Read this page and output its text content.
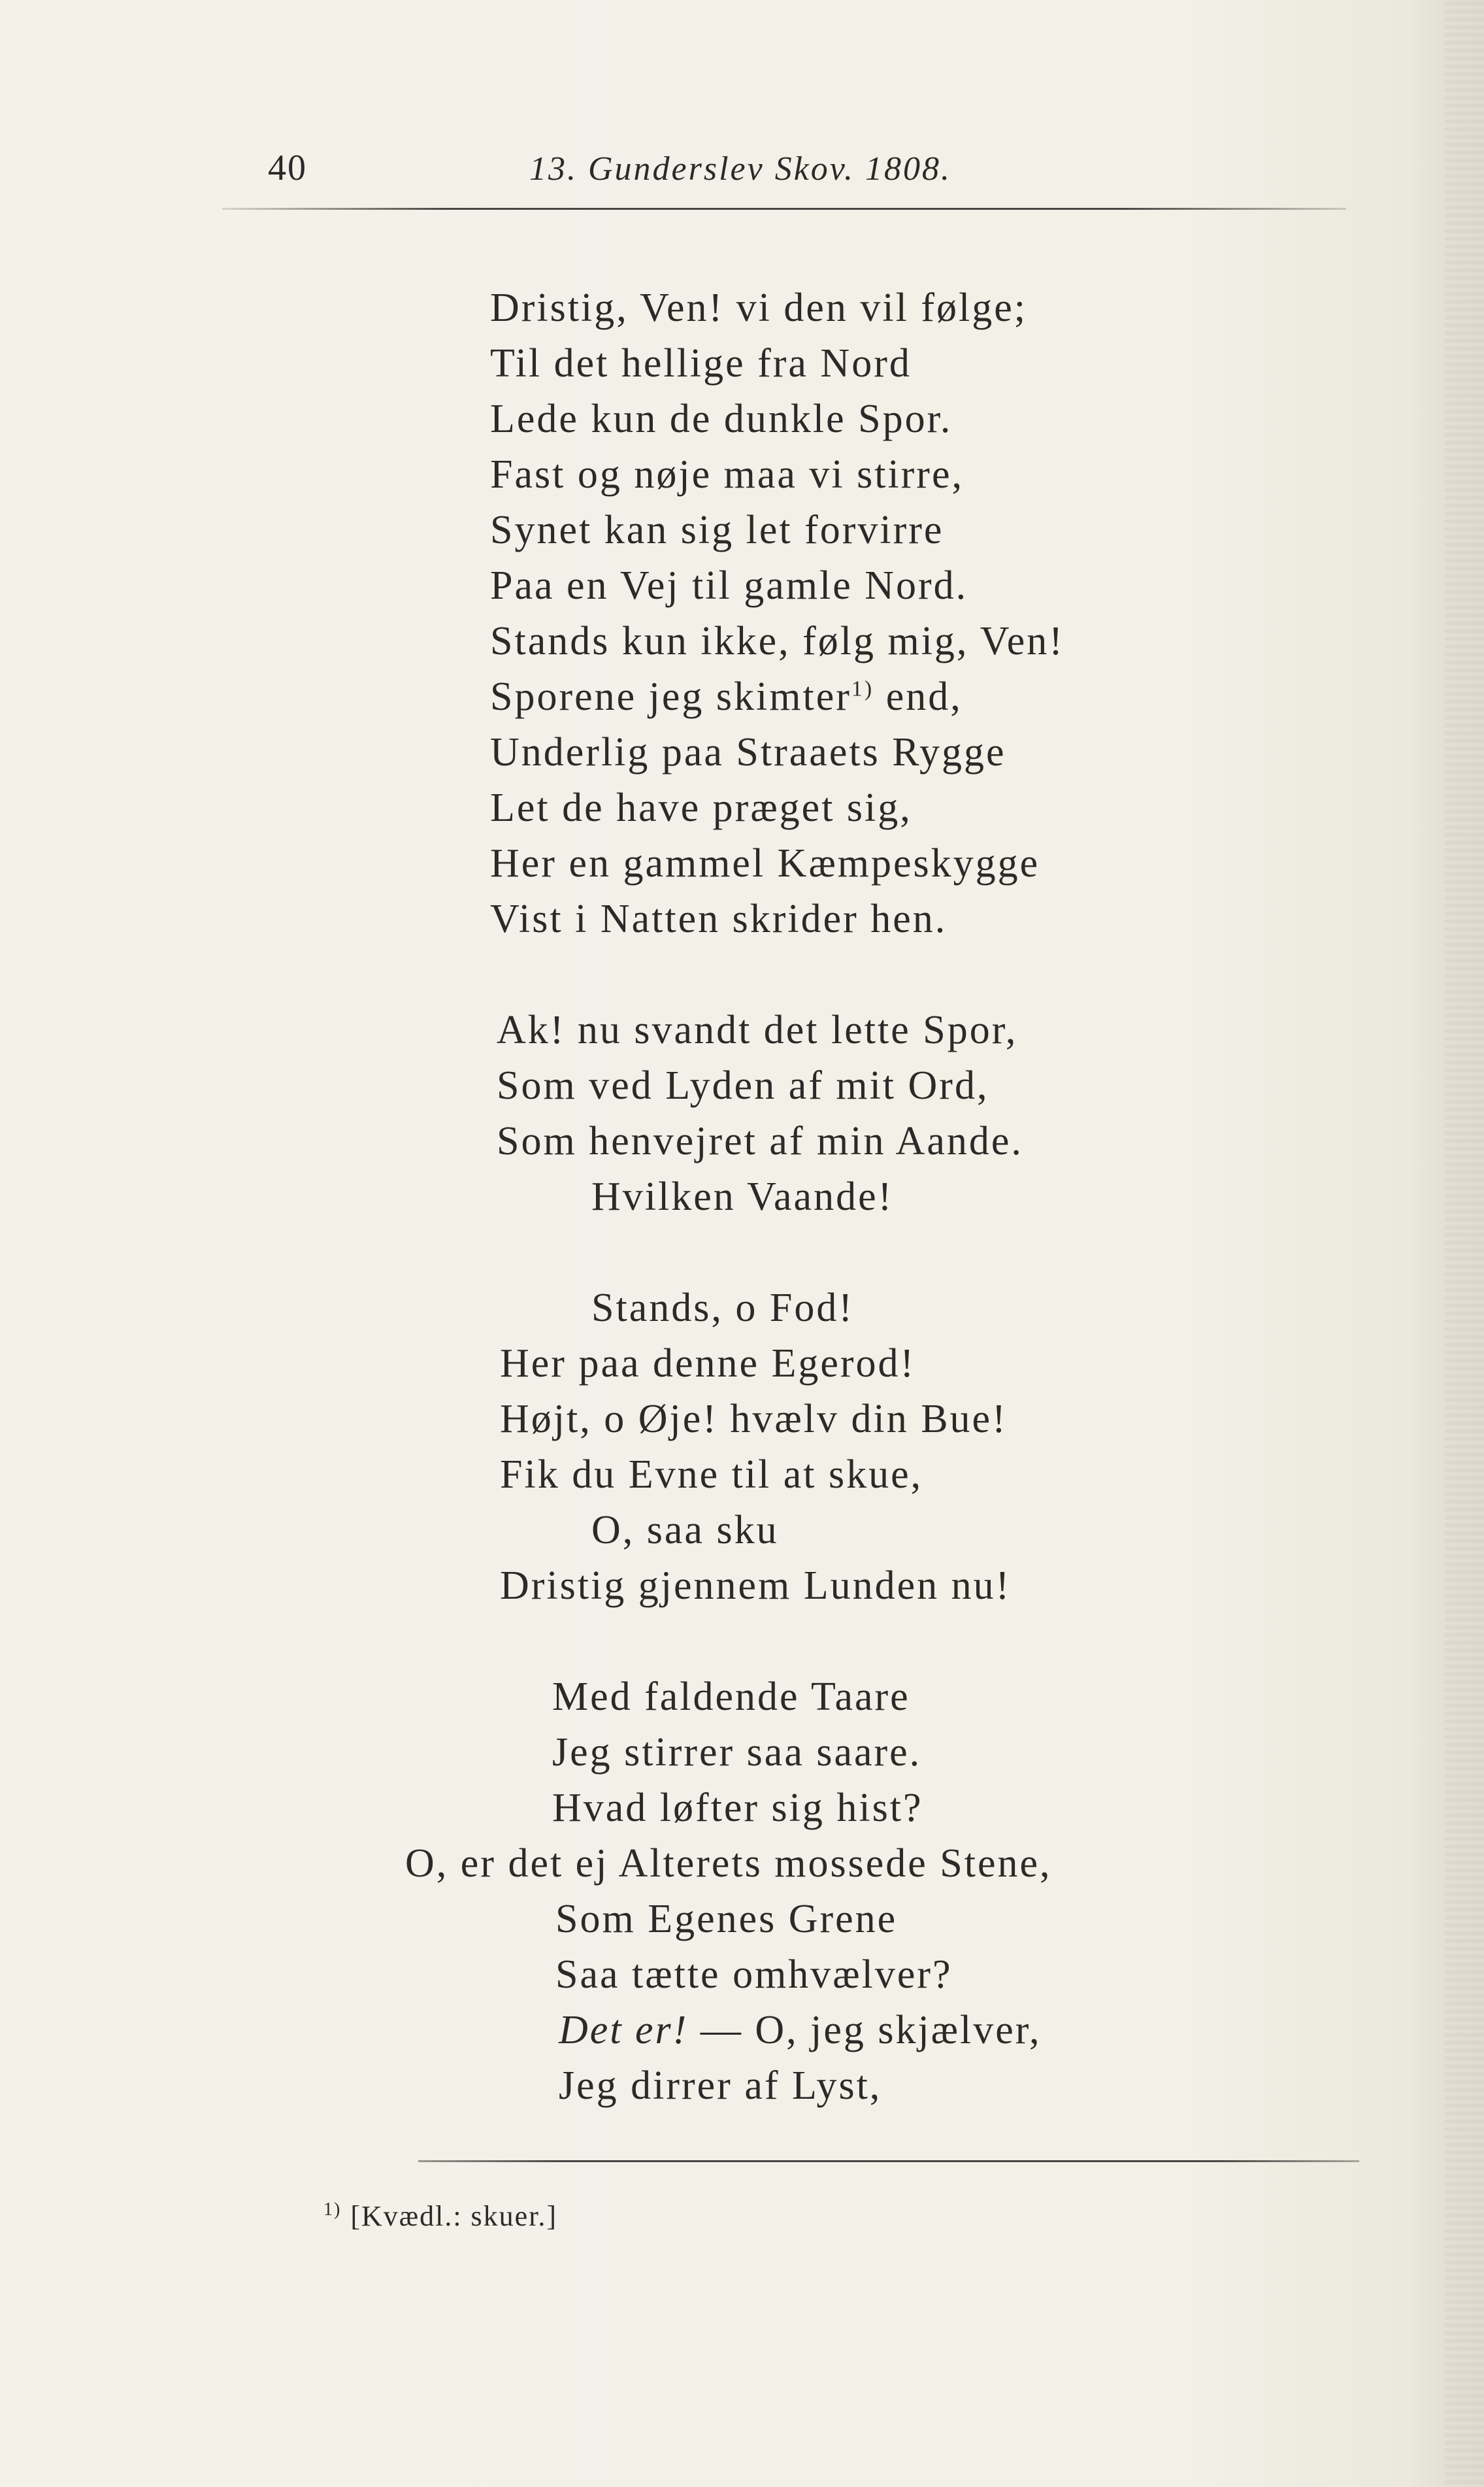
40	13. Gunderslev Skov. 1808.
Dristig, Ven! vi den vil følge;
Til det hellige fra Nord
Lede kun de dunkle Spor.
Fast og nøje maa vi stirre,
Synet kan sig let forvirre
Paa en Vej til gamle Nord.
Stands kun ikke, følg mig, Ven!
Sporene jeg skimter$^{1)}$ end,
Underlig paa Straaets Rygge
Let de have præget sig,
Her en gammel Kæmpeskygge
Vist i Natten skrider hen.
Ak! nu svandt det lette Spor,
Som ved Lyden af mit Ord,
Som henvejret af min Aande.
Hvilken Vaande!
Stands, o Fod!
Her paa denne Egerod!
Højt, o Øje! hvælv din Bue!
Fik du Evne til at skue,
O, saa sku
Dristig gjennem Lunden nu!
Med faldende Taare
Jeg stirrer saa saare.
Hvad løfter sig hist?
O, er det ej Alterets mossede Stene,
Som Egenes Grene
Saa tætte omhvælver?
Det er! — O, jeg skjælver,
Jeg dirrer af Lyst,
$^{1)}$ [Kvædl.: skuer.]
